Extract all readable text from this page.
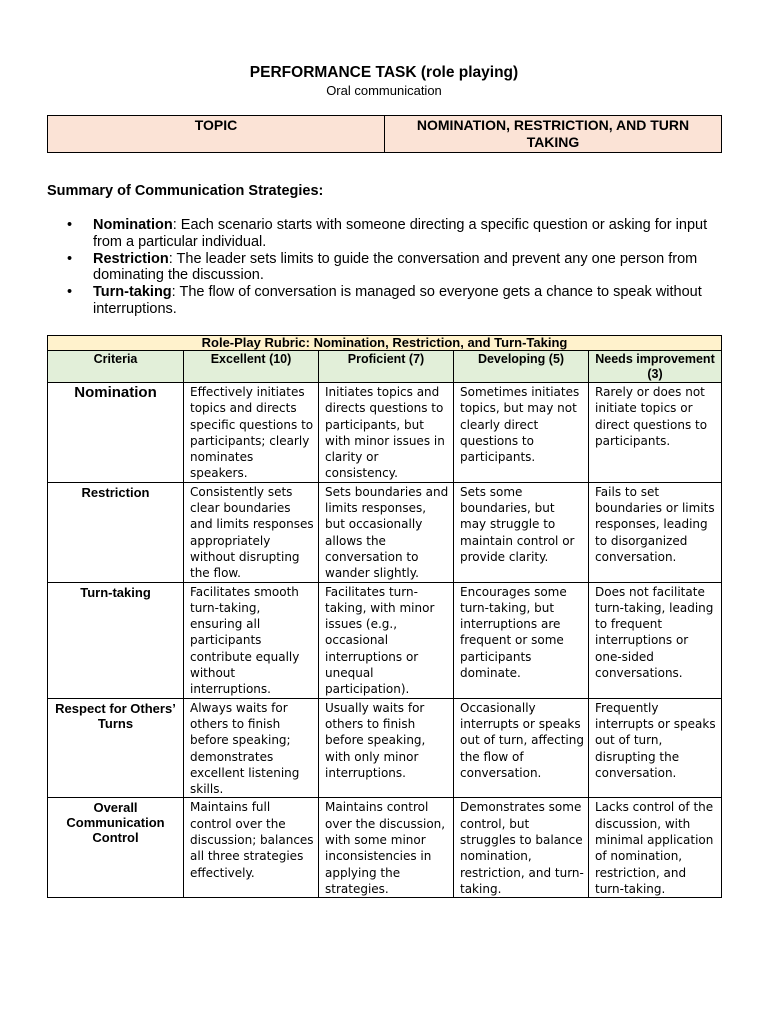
PERFORMANCE TASK (role playing)
Oral communication
TOPIC	NOMINATION, RESTRICTION, AND TURN TAKING
Summary of Communication Strategies:
• Nomination: Each scenario starts with someone directing a specific question or asking for input from a particular individual.
• Restriction: The leader sets limits to guide the conversation and prevent any one person from dominating the discussion.
• Turn-taking: The flow of conversation is managed so everyone gets a chance to speak without interruptions.
Role-Play Rubric: Nomination, Restriction, and Turn-Taking				
Criteria	Excellent (10)	Proficient (7)	Developing (5)	Needs improvement (3)
Nomination	Effectively initiates topics and directs specific questions to participants; clearly nominates speakers.	Initiates topics and directs questions to participants, but with minor issues in clarity or consistency.	Sometimes initiates topics, but may not clearly direct questions to participants.	Rarely or does not initiate topics or direct questions to participants.
Restriction	Consistently sets clear boundaries and limits responses appropriately without disrupting the flow.	Sets boundaries and limits responses, but occasionally allows the conversation to wander slightly.	Sets some boundaries, but may struggle to maintain control or provide clarity.	Fails to set boundaries or limits responses, leading to disorganized conversation.
Turn-taking	Facilitates smooth turn-taking, ensuring all participants contribute equally without interruptions.	Facilitates turn-taking, with minor issues (e.g., occasional interruptions or unequal participation).	Encourages some turn-taking, but interruptions are frequent or some participants dominate.	Does not facilitate turn-taking, leading to frequent interruptions or one-sided conversations.
Respect for Others’ Turns	Always waits for others to finish before speaking; demonstrates excellent listening skills.	Usually waits for others to finish before speaking, with only minor interruptions.	Occasionally interrupts or speaks out of turn, affecting the flow of conversation.	Frequently interrupts or speaks out of turn, disrupting the conversation.
Overall Communication Control	Maintains full control over the discussion; balances all three strategies effectively.	Maintains control over the discussion, with some minor inconsistencies in applying the strategies.	Demonstrates some control, but struggles to balance nomination, restriction, and turn-taking.	Lacks control of the discussion, with minimal application of nomination, restriction, and turn-taking.
